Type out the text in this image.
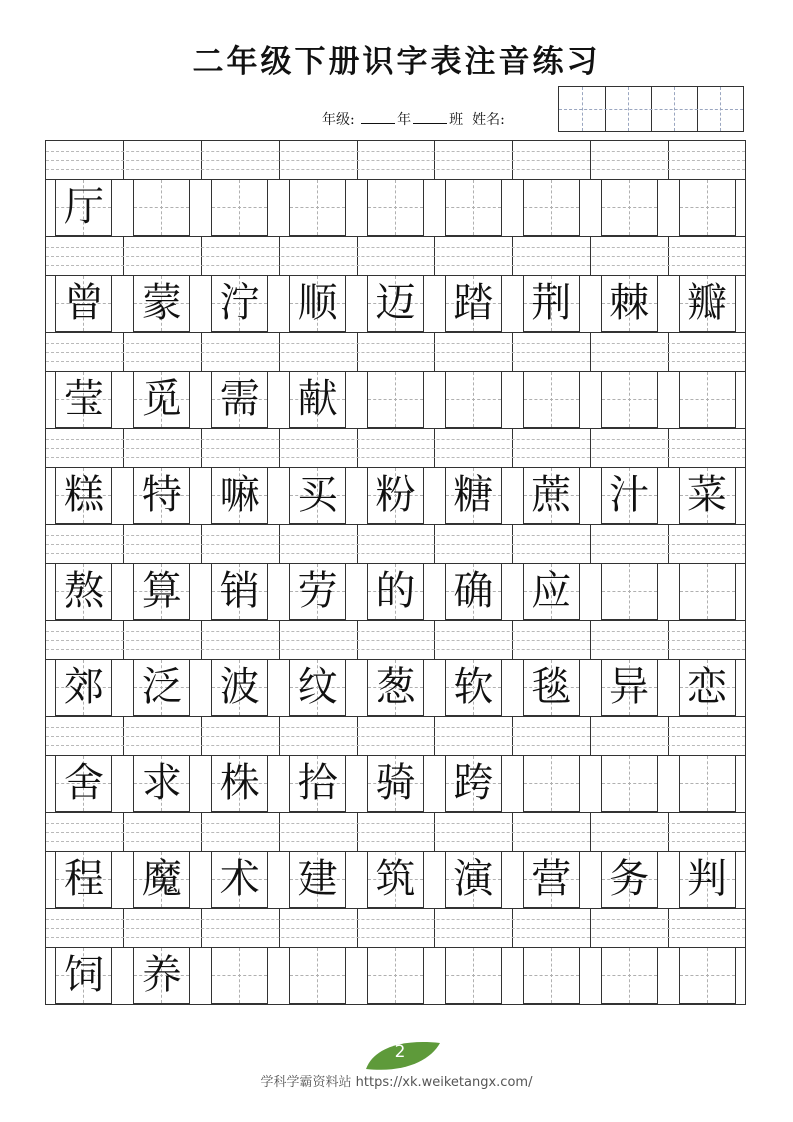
二年级下册识字表注音练习
年级:	年	班 姓名:
厅
曾 蒙 泞 顺 迈 踏 荆 棘 瓣
莹 觅 需 献
糕 特 嘛 买 粉 糖 蔗 汁 菜
熬 算 销 劳 的 确 应
郊 泛 波 纹 葱 软 毯 异 恋
舍 求 株 拾 骑 跨
程 魔 术 建 筑 演 营 务 判
饲 养
2
学科学霸资料站 https://xk.weiketangx.com/
